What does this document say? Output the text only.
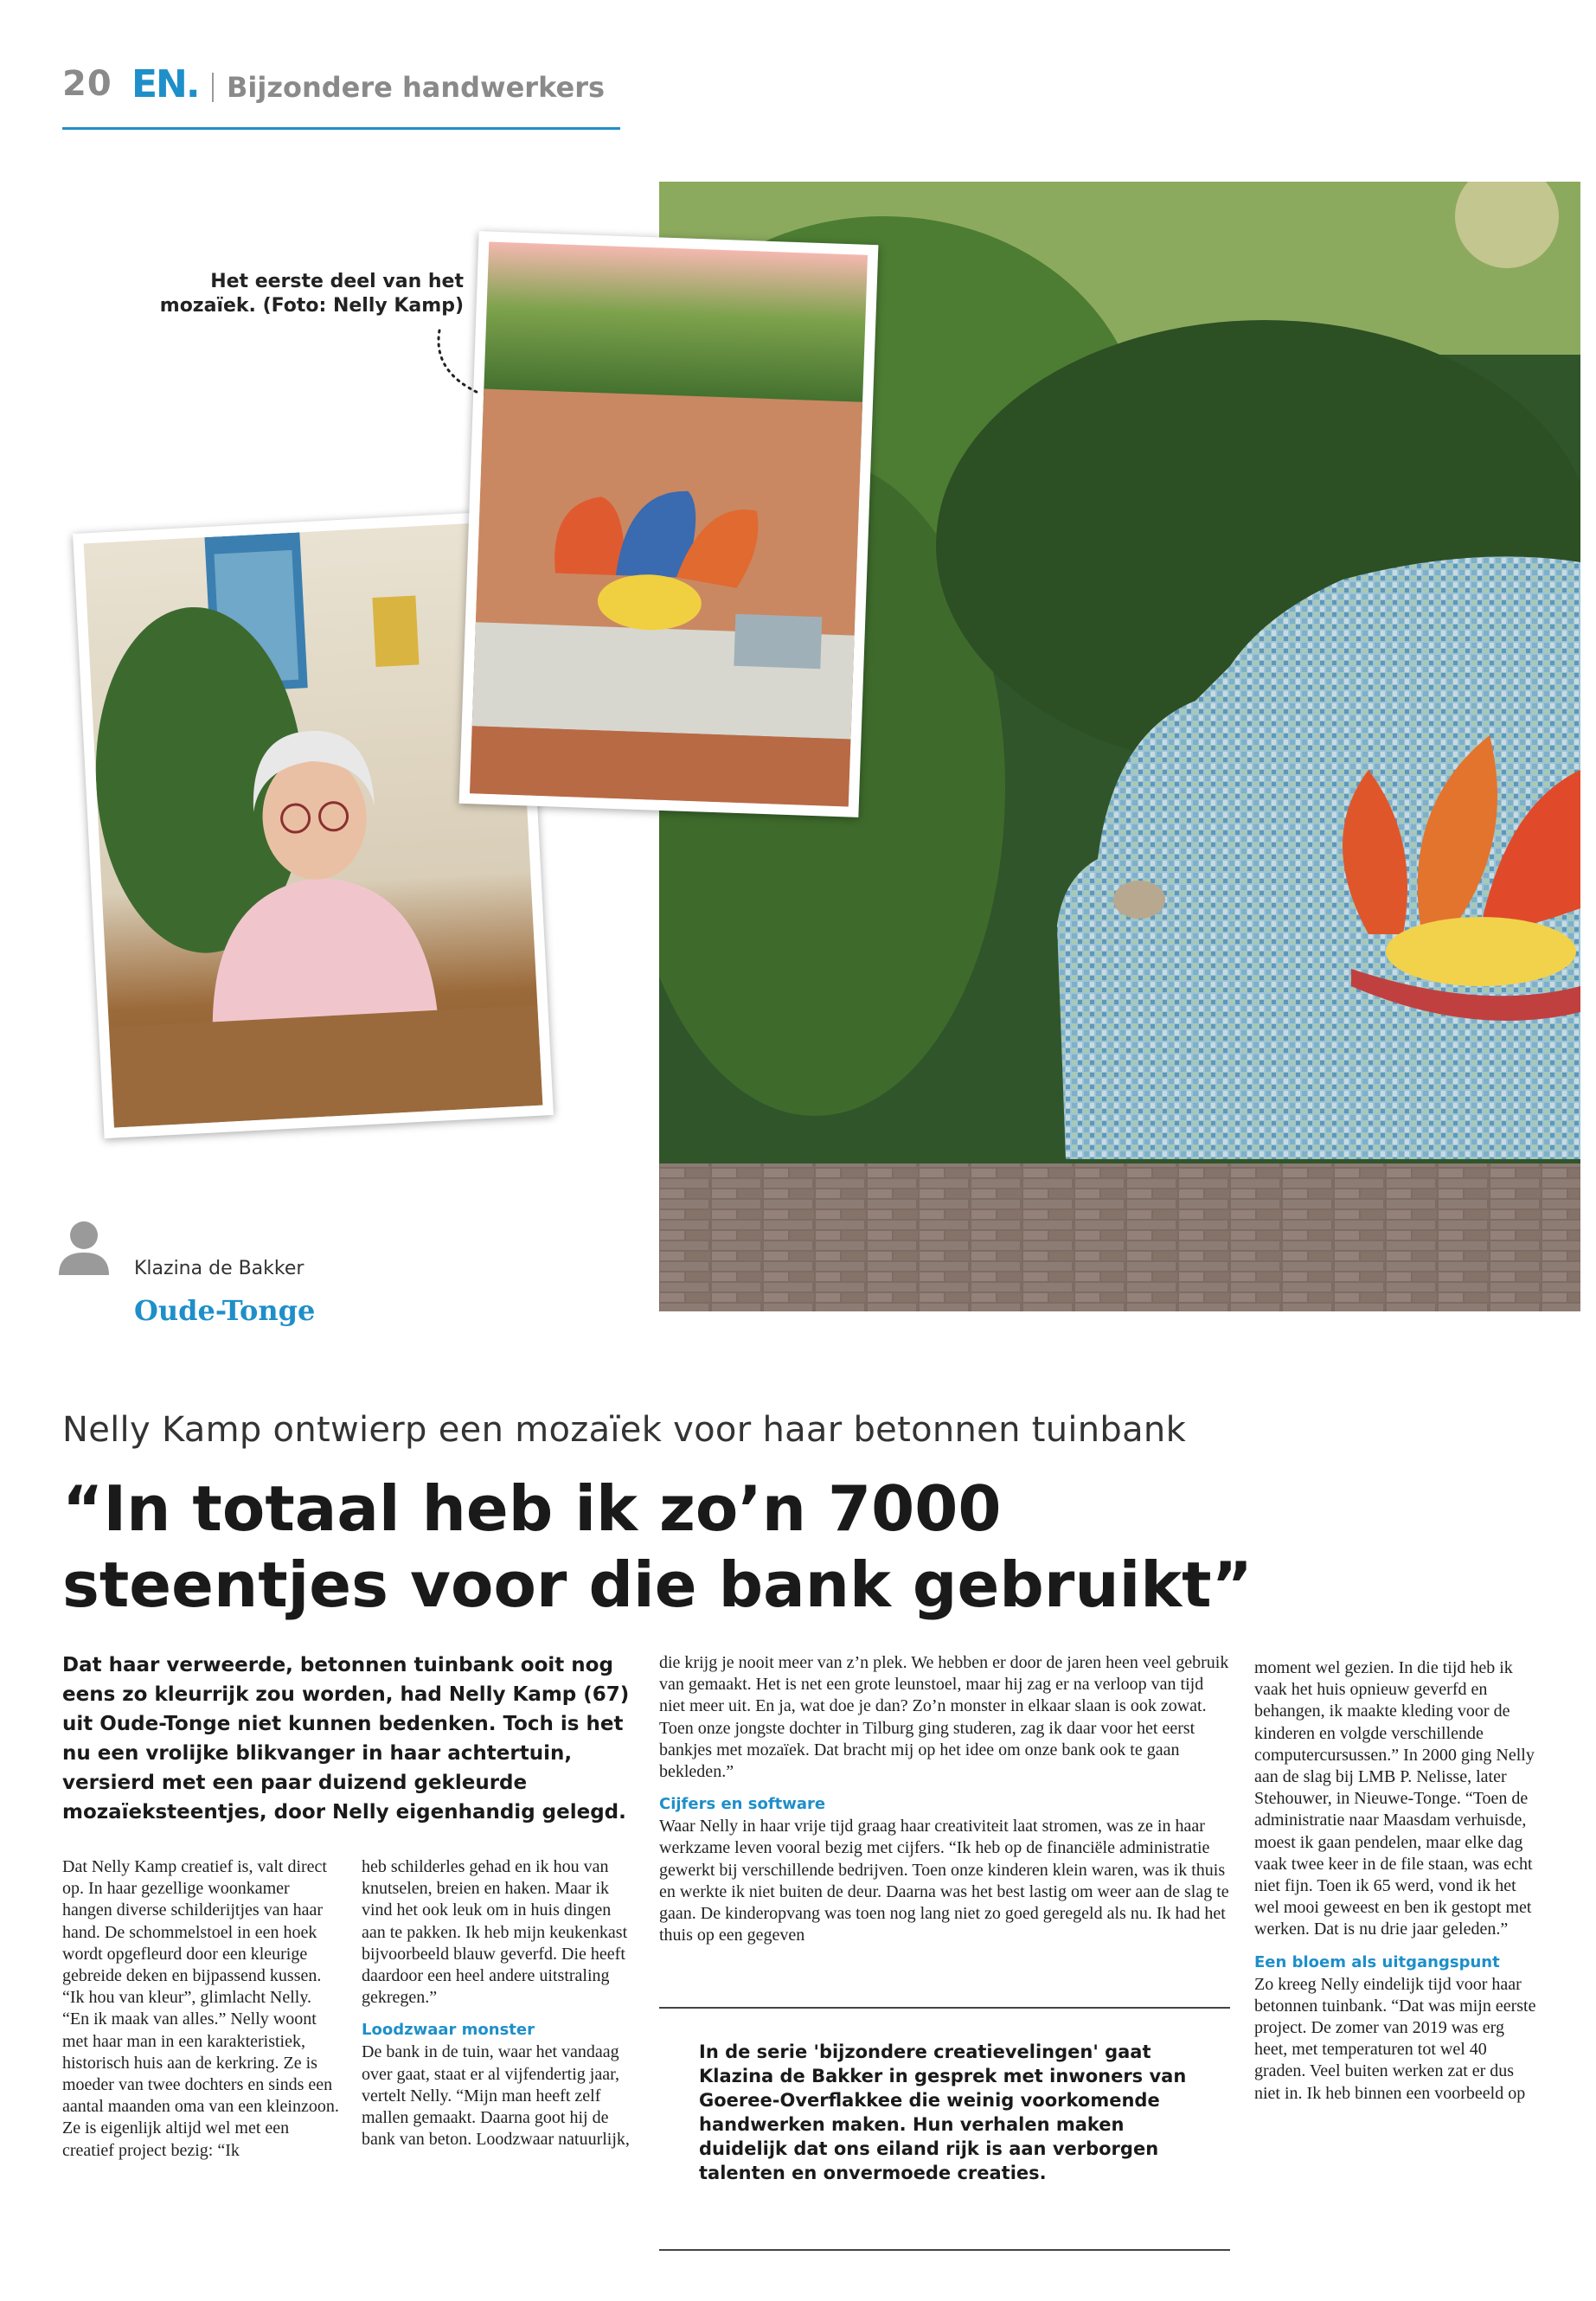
20 EN. Bijzondere handwerkers
Het eerste deel van het mozaïek. (Foto: Nelly Kamp)
Klazina de Bakker
Oude-Tonge
Nelly Kamp ontwierp een mozaïek voor haar betonnen tuinbank
“In totaal heb ik zo’n 7000 steentjes voor die bank gebruikt”
Dat haar verweerde, betonnen tuinbank ooit nog eens zo kleurrijk zou worden, had Nelly Kamp (67) uit Oude-Tonge niet kunnen bedenken. Toch is het nu een vrolijke blikvanger in haar achtertuin, versierd met een paar duizend gekleurde mozaïeksteentjes, door Nelly eigenhandig gelegd.

Dat Nelly Kamp creatief is, valt direct op. In haar gezellige woonkamer hangen diverse schilderijtjes van haar hand. De schommelstoel in een hoek wordt opgefleurd door een kleurige gebreide deken en bijpassend kussen. “Ik hou van kleur”, glimlacht Nelly. “En ik maak van alles.” Nelly woont met haar man in een karakteristiek, historisch huis aan de kerkring. Ze is moeder van twee dochters en sinds een aantal maanden oma van een kleinzoon. Ze is eigenlijk altijd wel met een creatief project bezig: “Ik

heb schilderles gehad en ik hou van knutselen, breien en haken. Maar ik vind het ook leuk om in huis dingen aan te pakken. Ik heb mijn keukenkast bijvoorbeeld blauw geverfd. Die heeft daardoor een heel andere uitstraling gekregen.”

Loodzwaar monster

De bank in de tuin, waar het vandaag over gaat, staat er al vijfendertig jaar, vertelt Nelly. “Mijn man heeft zelf mallen gemaakt. Daarna goot hij de bank van beton. Loodzwaar natuurlijk,

die krijg je nooit meer van z’n plek. We hebben er door de jaren heen veel gebruik van gemaakt. Het is net een grote leunstoel, maar hij zag er na verloop van tijd niet meer uit. En ja, wat doe je dan? Zo’n monster in elkaar slaan is ook zowat. Toen onze jongste dochter in Tilburg ging studeren, zag ik daar voor het eerst bankjes met mozaïek. Dat bracht mij op het idee om onze bank ook te gaan bekleden.”

Cijfers en software

Waar Nelly in haar vrije tijd graag haar creativiteit laat stromen, was ze in haar werkzame leven vooral bezig met cijfers. “Ik heb op de financiële administratie gewerkt bij verschillende bedrijven. Toen onze kinderen klein waren, was ik thuis en werkte ik niet buiten de deur. Daarna was het best lastig om weer aan de slag te gaan. De kinderopvang was toen nog lang niet zo goed geregeld als nu. Ik had het thuis op een gegeven

moment wel gezien. In die tijd heb ik vaak het huis opnieuw geverfd en behangen, ik maakte kleding voor de kinderen en volgde verschillende computercursussen.” In 2000 ging Nelly aan de slag bij LMB P. Nelisse, later Stehouwer, in Nieuwe-Tonge. “Toen de administratie naar Maasdam verhuisde, moest ik gaan pendelen, maar elke dag vaak twee keer in de file staan, was echt niet fijn. Toen ik 65 werd, vond ik het wel mooi geweest en ben ik gestopt met werken. Dat is nu drie jaar geleden.”

Een bloem als uitgangspunt

Zo kreeg Nelly eindelijk tijd voor haar betonnen tuinbank. “Dat was mijn eerste project. De zomer van 2019 was erg heet, met temperaturen tot wel 40 graden. Veel buiten werken zat er dus niet in. Ik heb binnen een voorbeeld op

In de serie 'bijzondere creatievelingen' gaat Klazina de Bakker in gesprek met inwoners van Goeree-Overflakkee die weinig voorkomende handwerken maken. Hun verhalen maken duidelijk dat ons eiland rijk is aan verborgen talenten en onvermoede creaties.
